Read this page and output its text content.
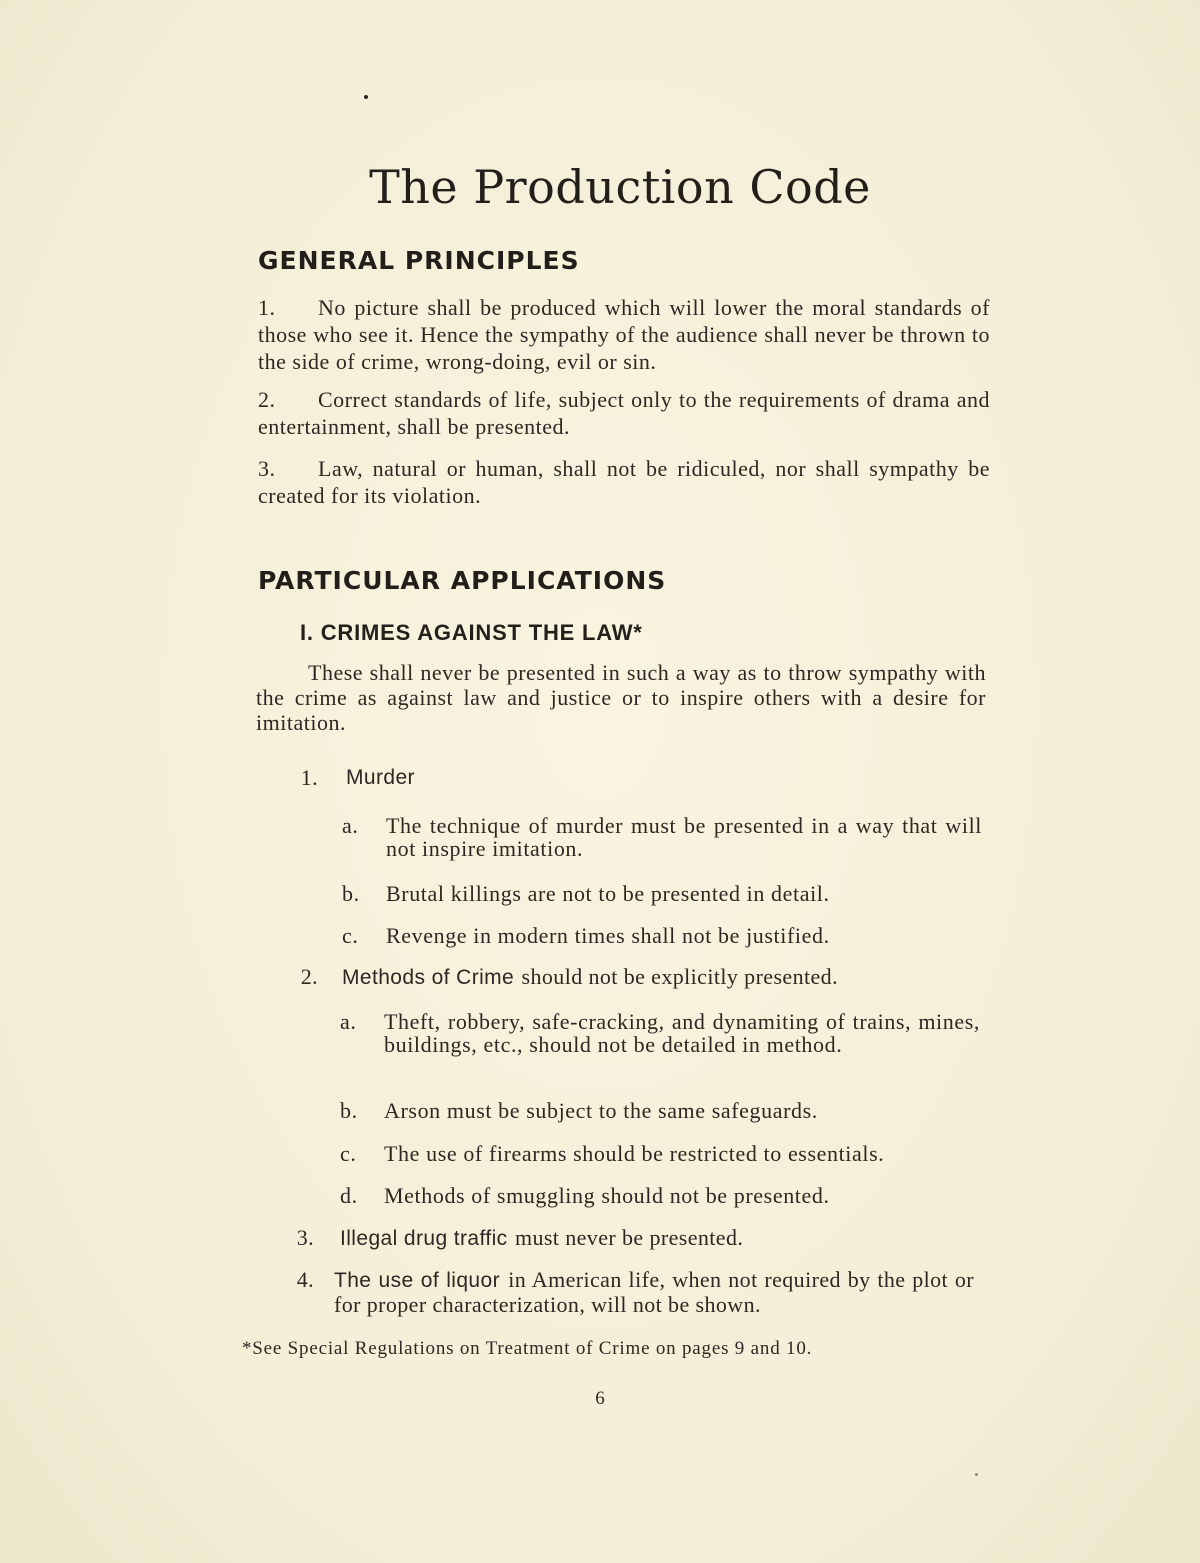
The Production Code
GENERAL PRINCIPLES

1. No picture shall be produced which will lower the moral standards of those who see it. Hence the sympathy of the audience shall never be thrown to the side of crime, wrong-doing, evil or sin.

2. Correct standards of life, subject only to the requirements of drama and entertainment, shall be presented.

3. Law, natural or human, shall not be ridiculed, nor shall sympathy be created for its violation.

PARTICULAR APPLICATIONS
I. CRIMES AGAINST THE LAW*

These shall never be presented in such a way as to throw sympathy with the crime as against law and justice or to inspire others with a desire for imitation.

1. Murder
a.	The technique of murder must be presented in a way that will not inspire imitation.
b.	Brutal killings are not to be presented in detail.
c.	Revenge in modern times shall not be justified.
2. Methods of Crime should not be explicitly presented.
a.	Theft, robbery, safe-cracking, and dynamiting of trains, mines, buildings, etc., should not be detailed in method.
b.	Arson must be subject to the same safeguards.
c.	The use of firearms should be restricted to essentials.
d.	Methods of smuggling should not be presented.
3. Illegal drug traffic must never be presented.
4. The use of liquor in American life, when not required by the plot or for proper characterization, will not be shown.

*See Special Regulations on Treatment of Crime on pages 9 and 10.

6
